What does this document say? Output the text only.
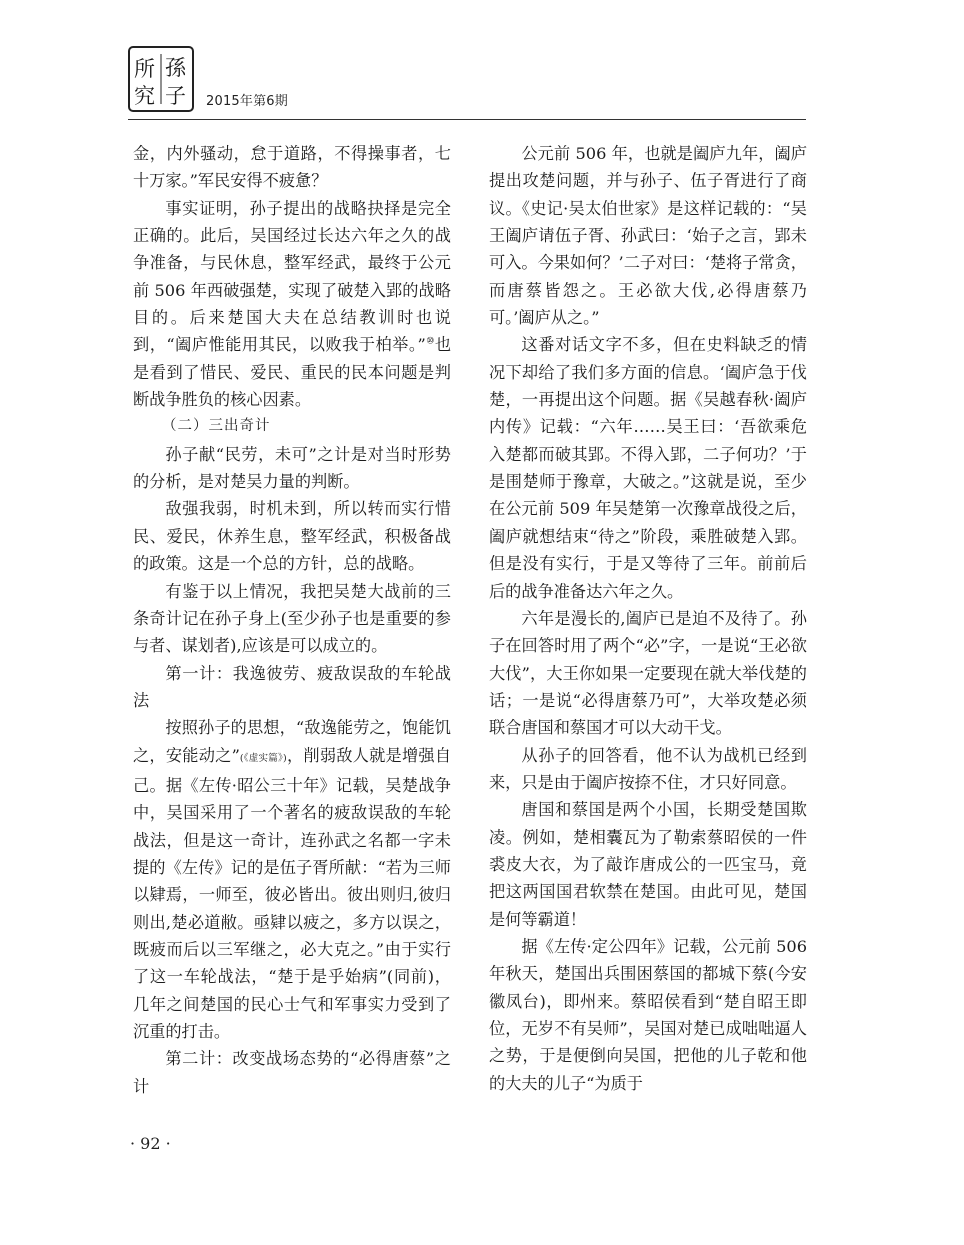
所 孫
究 子 2015年第6期

金，内外骚动，怠于道路，不得操事者，七十万家。”军民安得不疲惫？

事实证明，孙子提出的战略抉择是完全正确的。此后，吴国经过长达六年之久的战争准备，与民休息，整军经武，最终于公元前 506 年西破强楚，实现了破楚入郢的战略目的。后来楚国大夫在总结教训时也说到，“阖庐惟能用其民，以败我于柏举。”⑩也是看到了惜民、爱民、重民的民本问题是判断战争胜负的核心因素。

（二）三出奇计

孙子献“民劳，未可”之计是对当时形势的分析，是对楚吴力量的判断。

敌强我弱，时机未到，所以转而实行惜民、爱民，休养生息，整军经武，积极备战的政策。这是一个总的方针，总的战略。

有鉴于以上情况，我把吴楚大战前的三条奇计记在孙子身上(至少孙子也是重要的参与者、谋划者),应该是可以成立的。

第一计：我逸彼劳、疲敌误敌的车轮战法

按照孙子的思想，“敌逸能劳之，饱能饥之，安能动之”(《虚实篇》)，削弱敌人就是增强自己。据《左传·昭公三十年》记载，吴楚战争中，吴国采用了一个著名的疲敌误敌的车轮战法，但是这一奇计，连孙武之名都一字未提的《左传》记的是伍子胥所献：“若为三师以肄焉，一师至，彼必皆出。彼出则归,彼归则出,楚必道敝。亟肄以疲之，多方以误之，既疲而后以三军继之，必大克之。”由于实行了这一车轮战法，“楚于是乎始病”(同前)，几年之间楚国的民心士气和军事实力受到了沉重的打击。

第二计：改变战场态势的“必得唐蔡”之计

公元前 506 年，也就是阖庐九年，阖庐提出攻楚问题，并与孙子、伍子胥进行了商议。《史记·吴太伯世家》是这样记载的：“吴王阖庐请伍子胥、孙武曰：‘始子之言，郢未可入。今果如何？’二子对曰：‘楚将子常贪，而唐蔡皆怨之。王必欲大伐,必得唐蔡乃可。’阖庐从之。”

这番对话文字不多，但在史料缺乏的情况下却给了我们多方面的信息。‘阖庐急于伐楚，一再提出这个问题。据《吴越春秋·阖庐内传》记载：“六年……吴王曰：‘吾欲乘危入楚都而破其郢。不得入郢，二子何功？’于是围楚师于豫章，大破之。”这就是说，至少在公元前 509 年吴楚第一次豫章战役之后，阖庐就想结束“待之”阶段，乘胜破楚入郢。但是没有实行，于是又等待了三年。前前后后的战争准备达六年之久。

六年是漫长的,阖庐已是迫不及待了。孙子在回答时用了两个“必”字，一是说“王必欲大伐”，大王你如果一定要现在就大举伐楚的话；一是说“必得唐蔡乃可”，大举攻楚必须联合唐国和蔡国才可以大动干戈。

从孙子的回答看，他不认为战机已经到来，只是由于阖庐按捺不住，才只好同意。

唐国和蔡国是两个小国，长期受楚国欺凌。例如，楚相囊瓦为了勒索蔡昭侯的一件裘皮大衣，为了敲诈唐成公的一匹宝马，竟把这两国国君软禁在楚国。由此可见，楚国是何等霸道！

据《左传·定公四年》记载，公元前 506 年秋天，楚国出兵围困蔡国的都城下蔡(今安徽凤台)，即州来。蔡昭侯看到“楚自昭王即位，无岁不有吴师”，吴国对楚已成咄咄逼人之势，于是便倒向吴国，把他的儿子乾和他的大夫的儿子“为质于

· 92 ·
